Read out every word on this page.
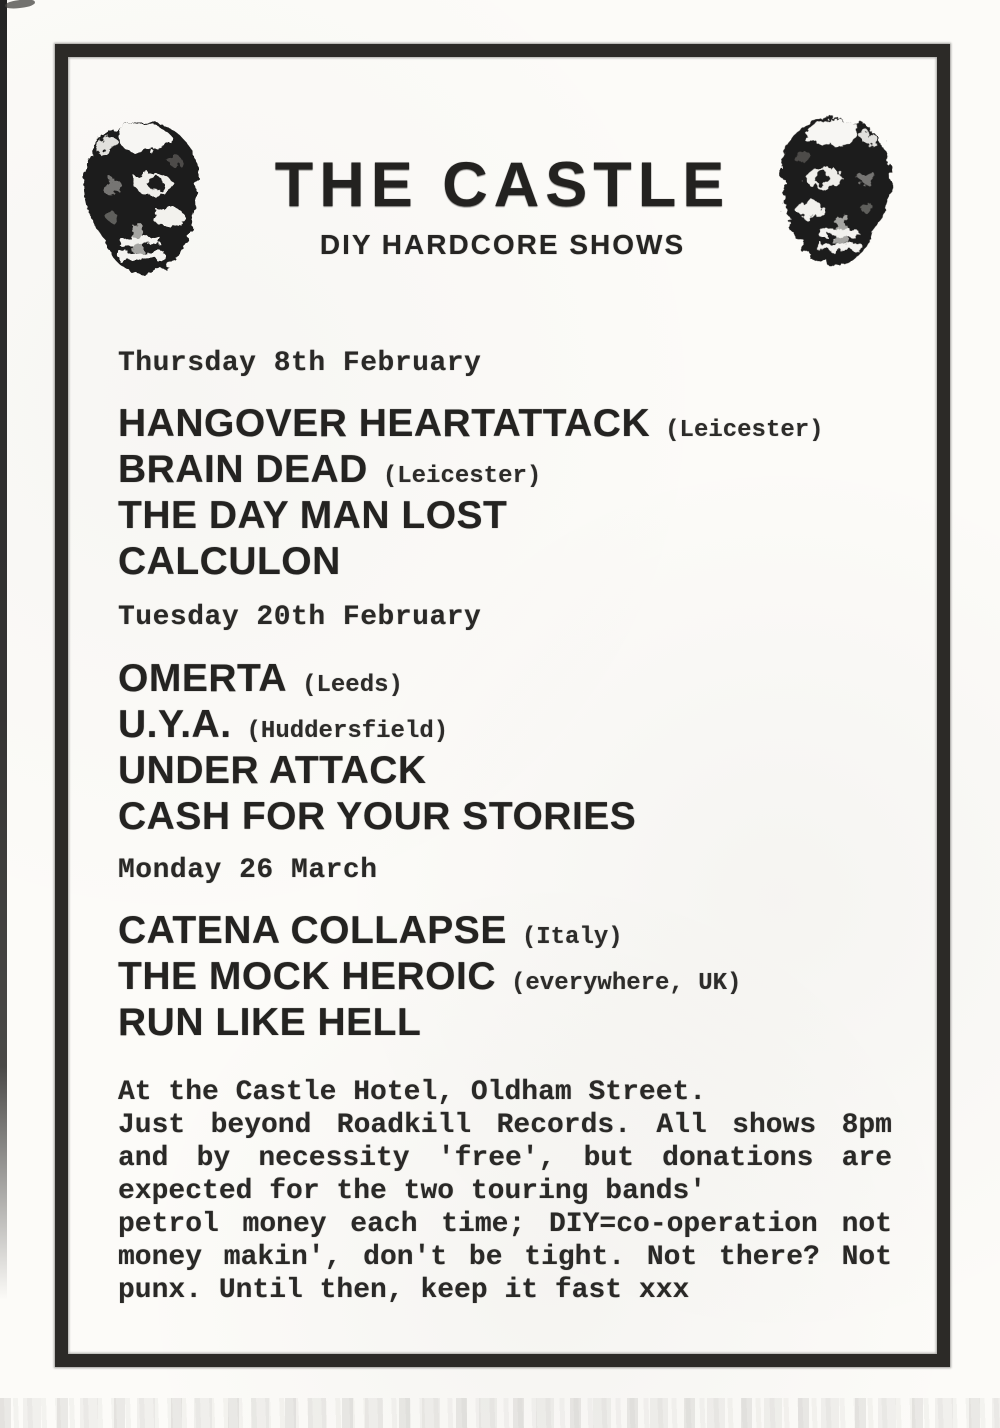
THE CASTLE
DIY HARDCORE SHOWS
Thursday 8th February
HANGOVER HEARTATTACK (Leicester)
BRAIN DEAD (Leicester)
THE DAY MAN LOST
CALCULON
Tuesday 20th February
OMERTA (Leeds)
U.Y.A. (Huddersfield)
UNDER ATTACK
CASH FOR YOUR STORIES
Monday 26 March
CATENA COLLAPSE (Italy)
THE MOCK HEROIC (everywhere, UK)
RUN LIKE HELL
At the Castle Hotel, Oldham Street.
Just beyond Roadkill Records. All shows 8pm
and by necessity 'free', but donations are
expected for the two touring bands'
petrol money each time; DIY=co-operation not
money makin', don't be tight. Not there? Not
punx. Until then, keep it fast xxx
